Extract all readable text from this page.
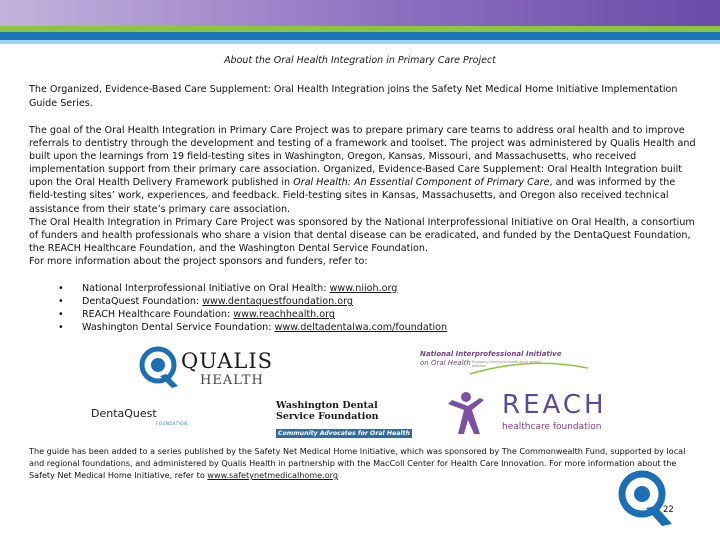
About the Oral Health Integration in Primary Care Project
The Organized, Evidence-Based Care Supplement: Oral Health Integration joins the Safety Net Medical Home Initiative Implementation Guide Series.

The goal of the Oral Health Integration in Primary Care Project was to prepare primary care teams to address oral health and to improve referrals to dentistry through the development and testing of a framework and toolset. The project was administered by Qualis Health and built upon the learnings from 19 field-testing sites in Washington, Oregon, Kansas, Missouri, and Massachusetts, who received implementation support from their primary care association. Organized, Evidence-Based Care Supplement: Oral Health Integration built upon the Oral Health Delivery Framework published in Oral Health: An Essential Component of Primary Care, and was informed by the field-testing sites’ work, experiences, and feedback. Field-testing sites in Kansas, Massachusetts, and Oregon also received technical assistance from their state’s primary care association.

The Oral Health Integration in Primary Care Project was sponsored by the National Interprofessional Initiative on Oral Health, a consortium of funders and health professionals who share a vision that dental disease can be eradicated, and funded by the DentaQuest Foundation, the REACH Healthcare Foundation, and the Washington Dental Service Foundation.

For more information about the project sponsors and funders, refer to:

• National Interprofessional Initiative on Oral Health: www.niioh.org
• DentaQuest Foundation: www.dentaquestfoundation.org
• REACH Healthcare Foundation: www.reachhealth.org
• Washington Dental Service Foundation: www.deltadentalwa.com/foundation
QUALIS
HEALTH
National Interprofessional Initiative
on Oral Health Engaging clinicians eradicating dental disease
DentaQuest
FOUNDATION
Washington Dental Service Foundation
Community Advocates for Oral Health
REACH
healthcare foundation
The guide has been added to a series published by the Safety Net Medical Home Initiative, which was sponsored by The Commonwealth Fund, supported by local and regional foundations, and administered by Qualis Health in partnership with the MacColl Center for Health Care Innovation. For more information about the Safety Net Medical Home Initiative, refer to www.safetynetmedicalhome.org
22
